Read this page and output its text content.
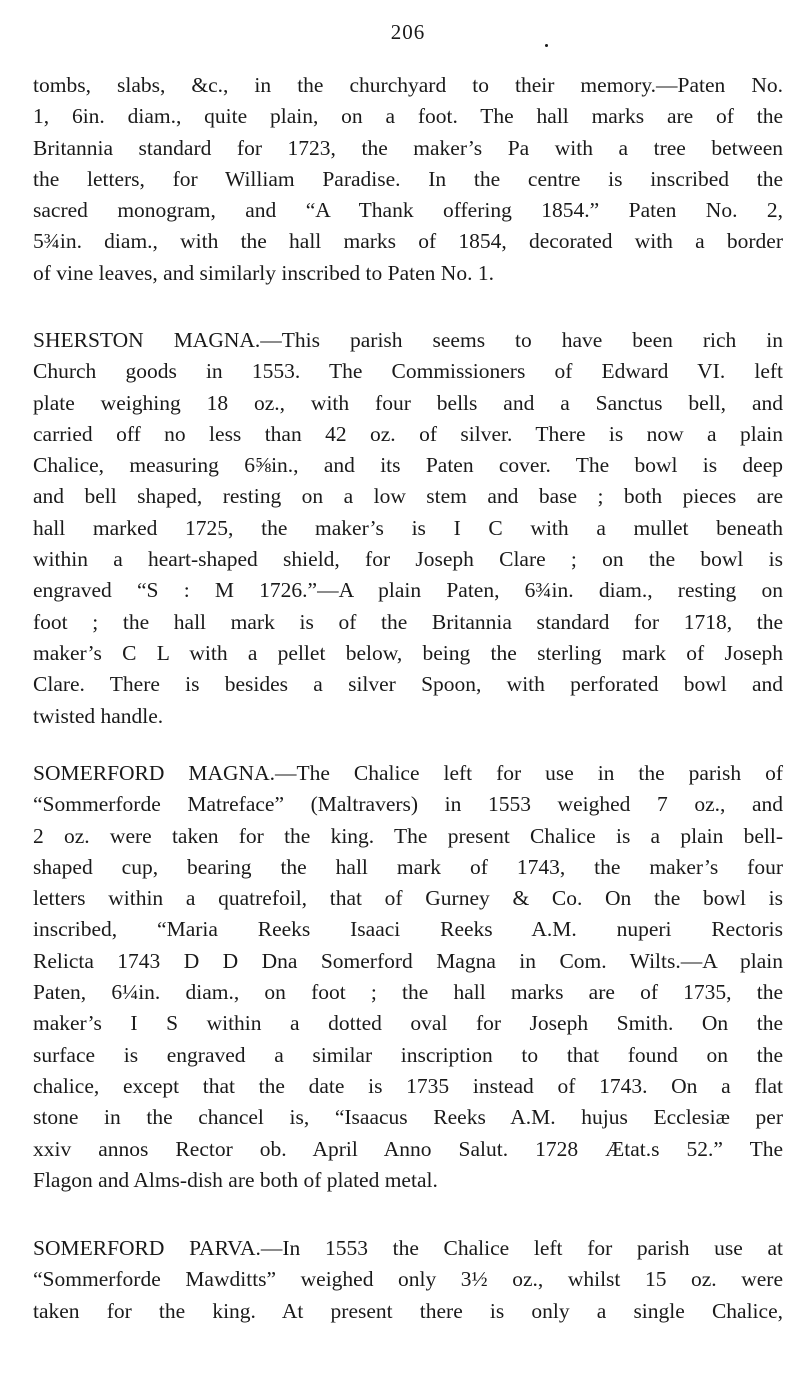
206
tombs, slabs, &c., in the churchyard to their memory.—Paten No.
1, 6in. diam., quite plain, on a foot. The hall marks are of the
Britannia standard for 1723, the maker’s Pa with a tree between
the letters, for William Paradise. In the centre is inscribed the
sacred monogram, and “A Thank offering 1854.” Paten No. 2,
5¾in. diam., with the hall marks of 1854, decorated with a border
of vine leaves, and similarly inscribed to Paten No. 1.
SHERSTON MAGNA.—This parish seems to have been rich in
Church goods in 1553. The Commissioners of Edward VI. left
plate weighing 18 oz., with four bells and a Sanctus bell, and
carried off no less than 42 oz. of silver. There is now a plain
Chalice, measuring 6⅝in., and its Paten cover. The bowl is deep
and bell shaped, resting on a low stem and base ; both pieces are
hall marked 1725, the maker’s is I C with a mullet beneath
within a heart-shaped shield, for Joseph Clare ; on the bowl is
engraved “S : M 1726.”—A plain Paten, 6¾in. diam., resting on
foot ; the hall mark is of the Britannia standard for 1718, the
maker’s C L with a pellet below, being the sterling mark of Joseph
Clare. There is besides a silver Spoon, with perforated bowl and
twisted handle.
SOMERFORD MAGNA.—The Chalice left for use in the parish of
“Sommerforde Matreface” (Maltravers) in 1553 weighed 7 oz., and
2 oz. were taken for the king. The present Chalice is a plain bell-
shaped cup, bearing the hall mark of 1743, the maker’s four
letters within a quatrefoil, that of Gurney & Co. On the bowl is
inscribed, “Maria Reeks Isaaci Reeks A.M. nuperi Rectoris
Relicta 1743 D D Dna Somerford Magna in Com. Wilts.—A plain
Paten, 6¼in. diam., on foot ; the hall marks are of 1735, the
maker’s I S within a dotted oval for Joseph Smith. On the
surface is engraved a similar inscription to that found on the
chalice, except that the date is 1735 instead of 1743. On a flat
stone in the chancel is, “Isaacus Reeks A.M. hujus Ecclesiæ per
xxiv annos Rector ob. April Anno Salut. 1728 Ætat.s 52.” The
Flagon and Alms-dish are both of plated metal.
SOMERFORD PARVA.—In 1553 the Chalice left for parish use at
“Sommerforde Mawditts” weighed only 3½ oz., whilst 15 oz. were
taken for the king. At present there is only a single Chalice,
